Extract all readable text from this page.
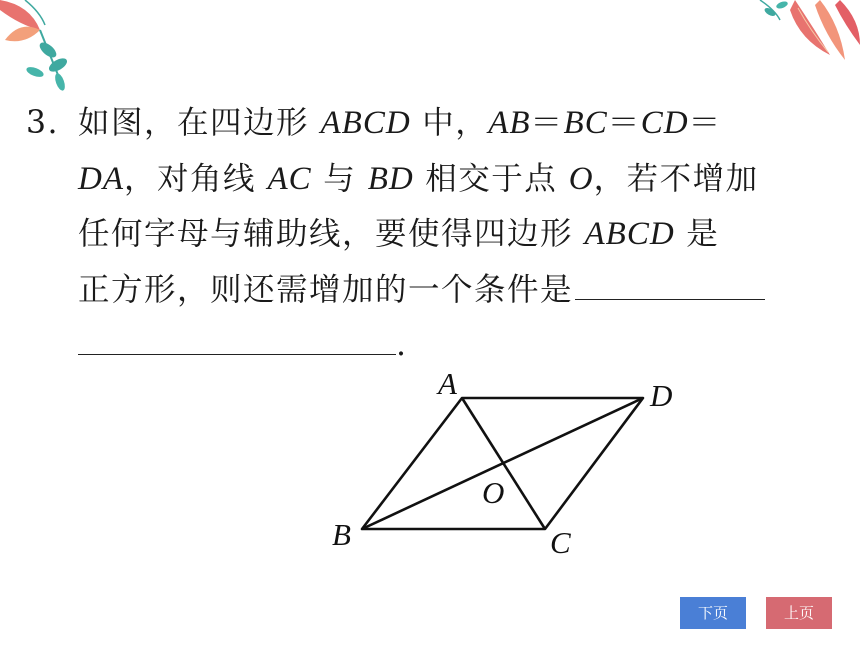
3. 如图，在四边形 ABCD 中，AB＝BC＝CD＝
DA，对角线 AC 与 BD 相交于点 O，若不增加
任何字母与辅助线，要使得四边形 ABCD 是
正方形，则还需增加的一个条件是
.
A	D
O
B	C
下页	上页
